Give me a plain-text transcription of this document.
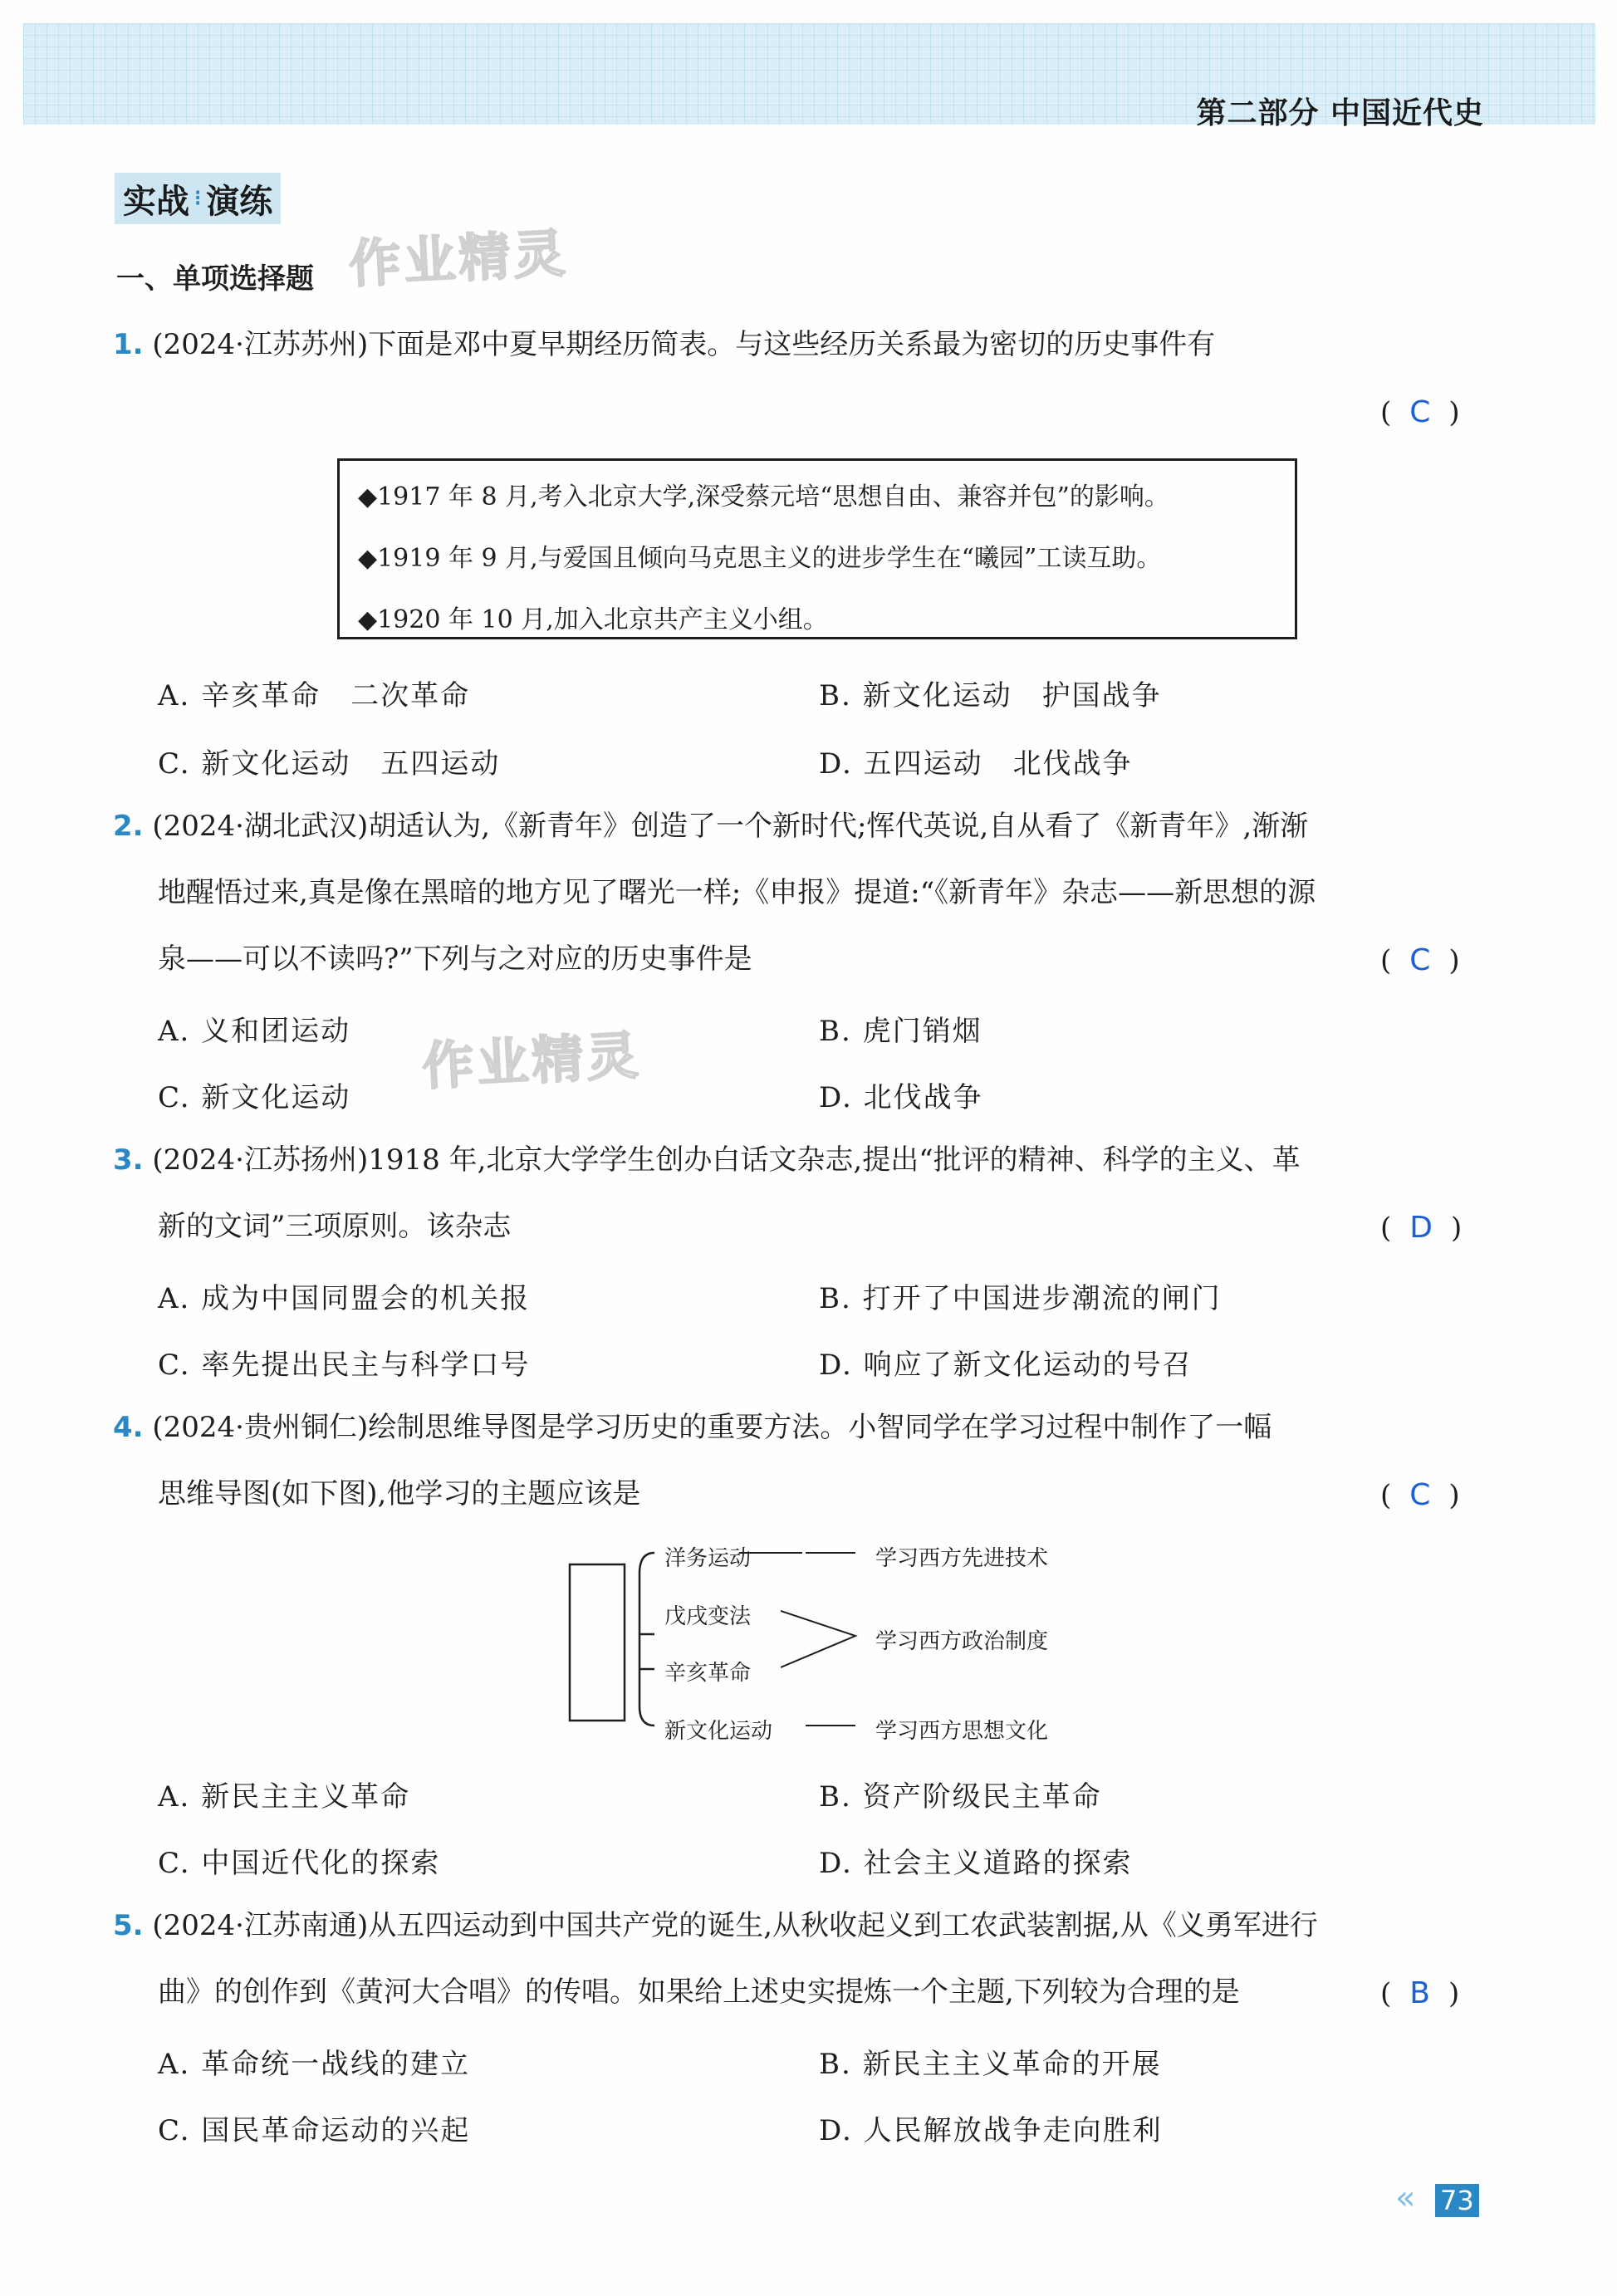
第二部分 中国近代史
实战 ⁝ 演练
作业精灵
作业精灵
一、单项选择题
1. (2024·江苏苏州)下面是邓中夏早期经历简表。与这些经历关系最为密切的历史事件有
( C )
◆1917 年 8 月,考入北京大学,深受蔡元培“思想自由、兼容并包”的影响。
◆1919 年 9 月,与爱国且倾向马克思主义的进步学生在“曦园”工读互助。
◆1920 年 10 月,加入北京共产主义小组。
A. 辛亥革命　二次革命	B. 新文化运动　护国战争
C. 新文化运动　五四运动	D. 五四运动　北伐战争
2. (2024·湖北武汉)胡适认为,《新青年》创造了一个新时代;恽代英说,自从看了《新青年》,渐渐
地醒悟过来,真是像在黑暗的地方见了曙光一样;《申报》提道:“《新青年》杂志——新思想的源
泉——可以不读吗?”下列与之对应的历史事件是	( C )
A. 义和团运动	B. 虎门销烟
C. 新文化运动	D. 北伐战争
3. (2024·江苏扬州)1918 年,北京大学学生创办白话文杂志,提出“批评的精神、科学的主义、革
新的文词”三项原则。该杂志	( D )
A. 成为中国同盟会的机关报	B. 打开了中国进步潮流的闸门
C. 率先提出民主与科学口号	D. 响应了新文化运动的号召
4. (2024·贵州铜仁)绘制思维导图是学习历史的重要方法。小智同学在学习过程中制作了一幅
思维导图(如下图),他学习的主题应该是	( C )
洋务运动
戊戌变法
辛亥革命
新文化运动
学习西方先进技术
学习西方政治制度
学习西方思想文化
A. 新民主主义革命	B. 资产阶级民主革命
C. 中国近代化的探索	D. 社会主义道路的探索
5. (2024·江苏南通)从五四运动到中国共产党的诞生,从秋收起义到工农武装割据,从《义勇军进行
曲》的创作到《黄河大合唱》的传唱。如果给上述史实提炼一个主题,下列较为合理的是	( B )
A. 革命统一战线的建立	B. 新民主主义革命的开展
C. 国民革命运动的兴起	D. 人民解放战争走向胜利
« 73
